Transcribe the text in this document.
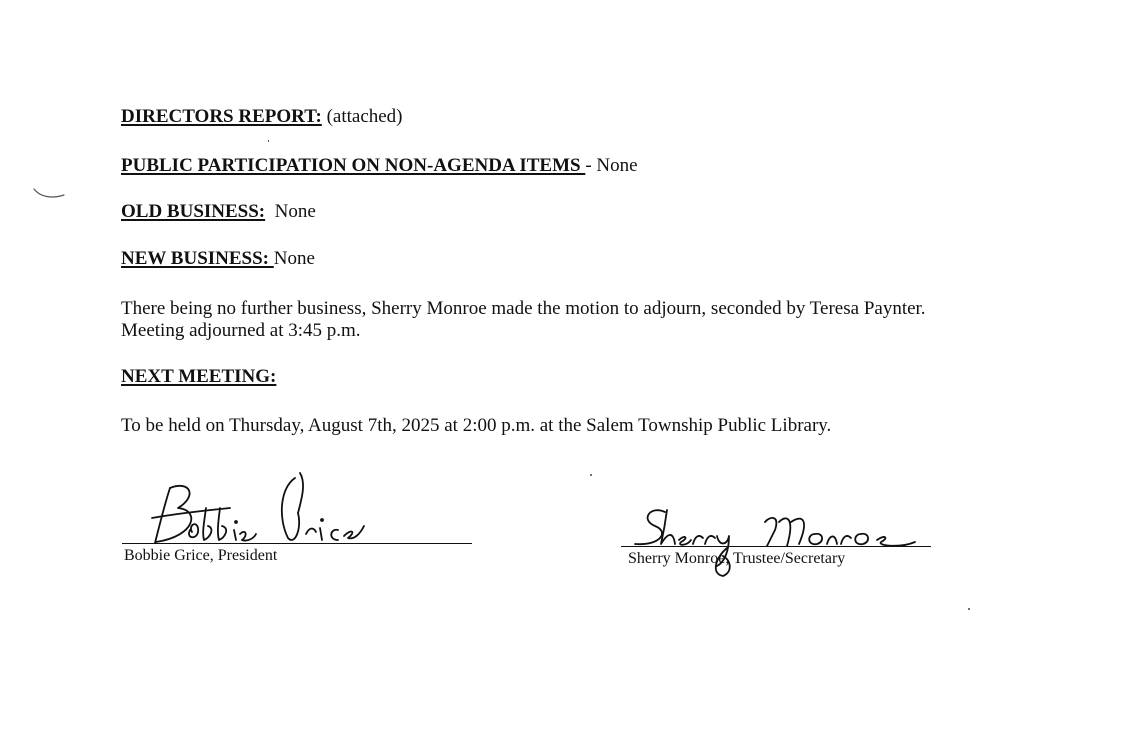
DIRECTORS REPORT: (attached)
PUBLIC PARTICIPATION ON NON-AGENDA ITEMS - None
OLD BUSINESS:  None
NEW BUSINESS: None
There being no further business, Sherry Monroe made the motion to adjourn, seconded by Teresa Paynter. Meeting adjourned at 3:45 p.m.
NEXT MEETING:
To be held on Thursday, August 7th, 2025 at 2:00 p.m. at the Salem Township Public Library.
Bobbie Grice, President	Sherry Monroe, Trustee/Secretary
